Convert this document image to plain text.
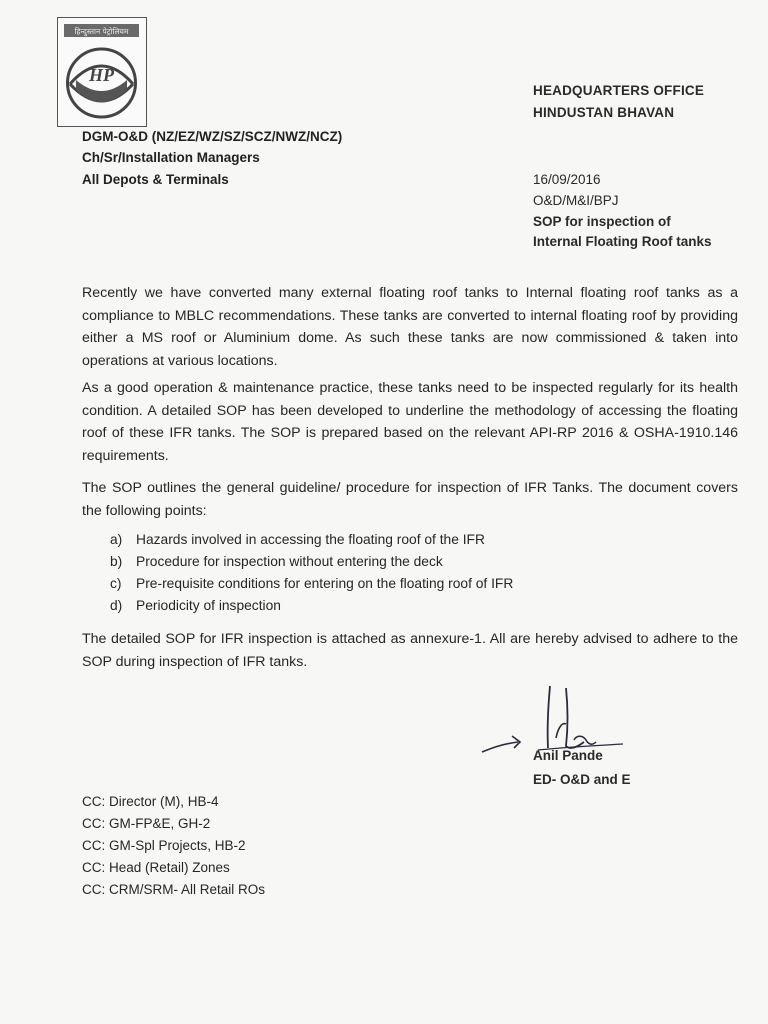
हिन्दुस्तान पेट्रोलियम
HP
HEADQUARTERS OFFICE
HINDUSTAN BHAVAN
DGM-O&D (NZ/EZ/WZ/SZ/SCZ/NWZ/NCZ)
Ch/Sr/Installation Managers
All Depots & Terminals	16/09/2016
O&D/M&I/BPJ
SOP for inspection of
Internal Floating Roof tanks

Recently we have converted many external floating roof tanks to Internal floating roof tanks as a compliance to MBLC recommendations. These tanks are converted to internal floating roof by providing either a MS roof or Aluminium dome. As such these tanks are now commissioned & taken into operations at various locations.

As a good operation & maintenance practice, these tanks need to be inspected regularly for its health condition. A detailed SOP has been developed to underline the methodology of accessing the floating roof of these IFR tanks. The SOP is prepared based on the relevant API-RP 2016 & OSHA-1910.146 requirements.

The SOP outlines the general guideline/ procedure for inspection of IFR Tanks. The document covers the following points:

a) Hazards involved in accessing the floating roof of the IFR
b) Procedure for inspection without entering the deck
c) Pre-requisite conditions for entering on the floating roof of IFR
d) Periodicity of inspection

The detailed SOP for IFR inspection is attached as annexure-1. All are hereby advised to adhere to the SOP during inspection of IFR tanks.

Anil Pande
ED- O&D and E
CC: Director (M), HB-4
CC: GM-FP&E, GH-2
CC: GM-Spl Projects, HB-2
CC: Head (Retail) Zones
CC: CRM/SRM- All Retail ROs
